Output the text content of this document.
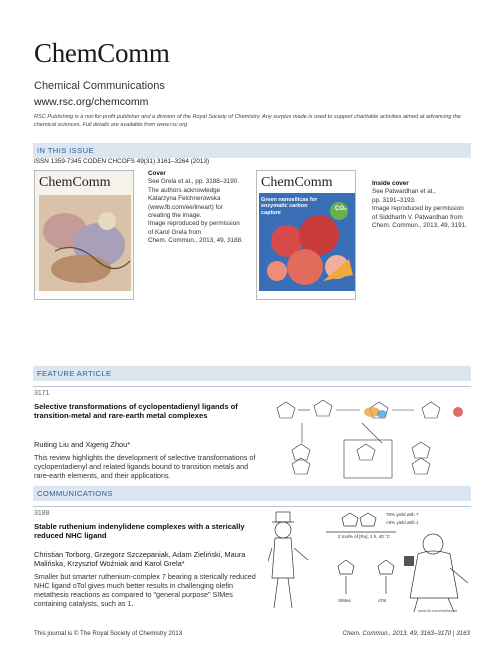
ChemComm
Chemical Communications
www.rsc.org/chemcomm
RSC Publishing is a not-for-profit publisher and a division of the Royal Society of Chemistry. Any surplus made is used to support charitable activities aimed at advancing the chemical sciences. Full details are available from www.rsc.org
IN THIS ISSUE
ISSN 1359-7345 CODEN CHCOFS 49(31) 3161–3264 (2013)
ChemComm
Cover
See Grela et al., pp. 3188–3190.
The authors acknowledge
Katarzyna Felchnerowska
(www.fb.com/ee/lineart) for
creating the image.
Image reproduced by permission
of Karol Grela from
Chem. Commun., 2013, 49, 3188.
ChemComm
Green nanosilicas for enzymatic carbon capture
CO₂
Inside cover
See Patwardhan et al.,
pp. 3191–3193.
Image reproduced by permission
of Siddharth V. Patwardhan from
Chem. Commun., 2013, 49, 3191.
FEATURE ARTICLE
3171
Selective transformations of cyclopentadienyl ligands of transition-metal and rare-earth metal complexes
Ruiting Liu and Xigeng Zhou*
This review highlights the development of selective transformations of cyclopentadienyl and related ligands bound to transition metals and rare-earth elements, and their applications.
COMMUNICATIONS
3188
Stable ruthenium indenylidene complexes with a sterically reduced NHC ligand
Christian Torborg, Grzegorz Szczepaniak, Adam Zieliński, Maura Malińska, Krzysztof Woźniak and Karol Grela*
Smaller but smarter ruthenium-complex 7 bearing a sterically reduced NHC ligand oTol gives much better results in challenging olefin metathesis reactions as compared to "general purpose" SIMes containing catalysts, such as 1.
75% yield with 7
<5% yield with 1
2 mol% of [Ru], 1 h, 40 °C
SIMes	oTol
www.fb.com/ee/lineart
This journal is © The Royal Society of Chemistry 2013	Chem. Commun., 2013, 49, 3163–3170 | 3163
